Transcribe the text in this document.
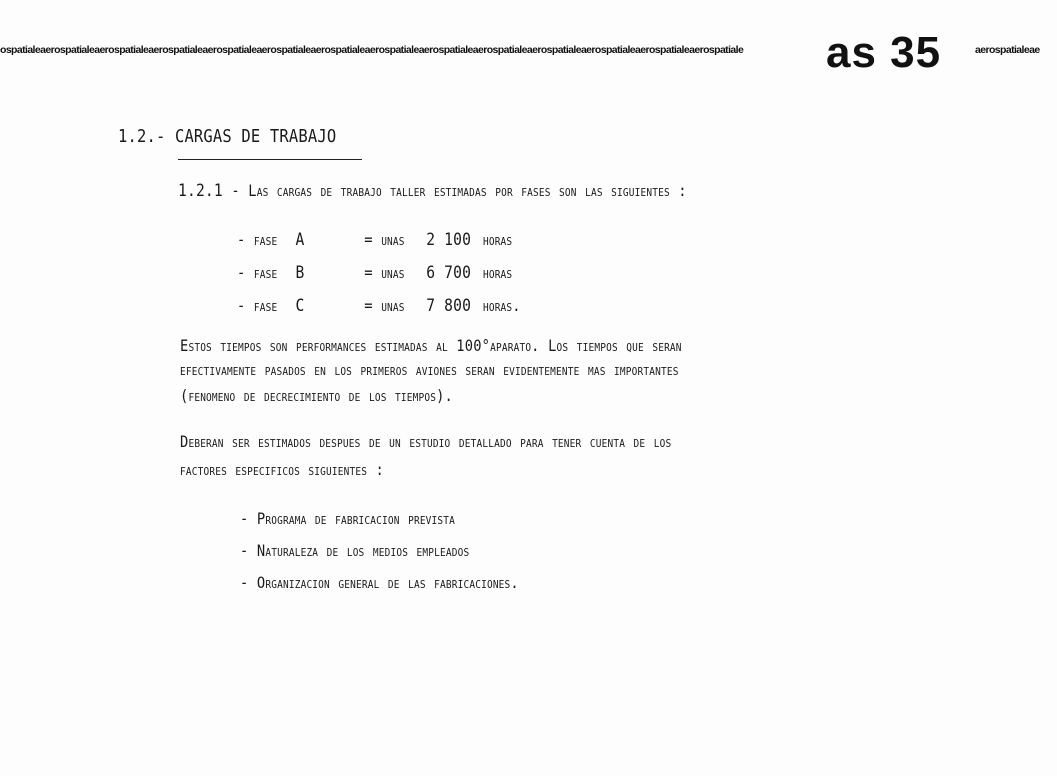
ospatialeaerospatialeaerospatialeaerospatialeaerospatialeaerospatialeaerospatialeaerospatialeaerospatialeaerospatialeaerospatialeaerospatialeaerospatialeaerospatiale as 35	aerospatialeae
1.2.- CARGAS DE TRABAJO
1.2.1 - Las cargas de trabajo taller estimadas por fases son las siguientes :
- fase A	= unas 2 100 horas
- fase B	= unas 6 700 horas
- fase C	= unas 7 800 horas.
Estos tiempos son performances estimadas al 100°aparato. Los tiempos que seran
efectivamente pasados en los primeros aviones seran evidentemente mas importantes
(fenomeno de decrecimiento de los tiempos).
Deberan ser estimados despues de un estudio detallado para tener cuenta de los
factores especificos siguientes :
- Programa de fabricacion prevista
- Naturaleza de los medios empleados
- Organizacion general de las fabricaciones.
